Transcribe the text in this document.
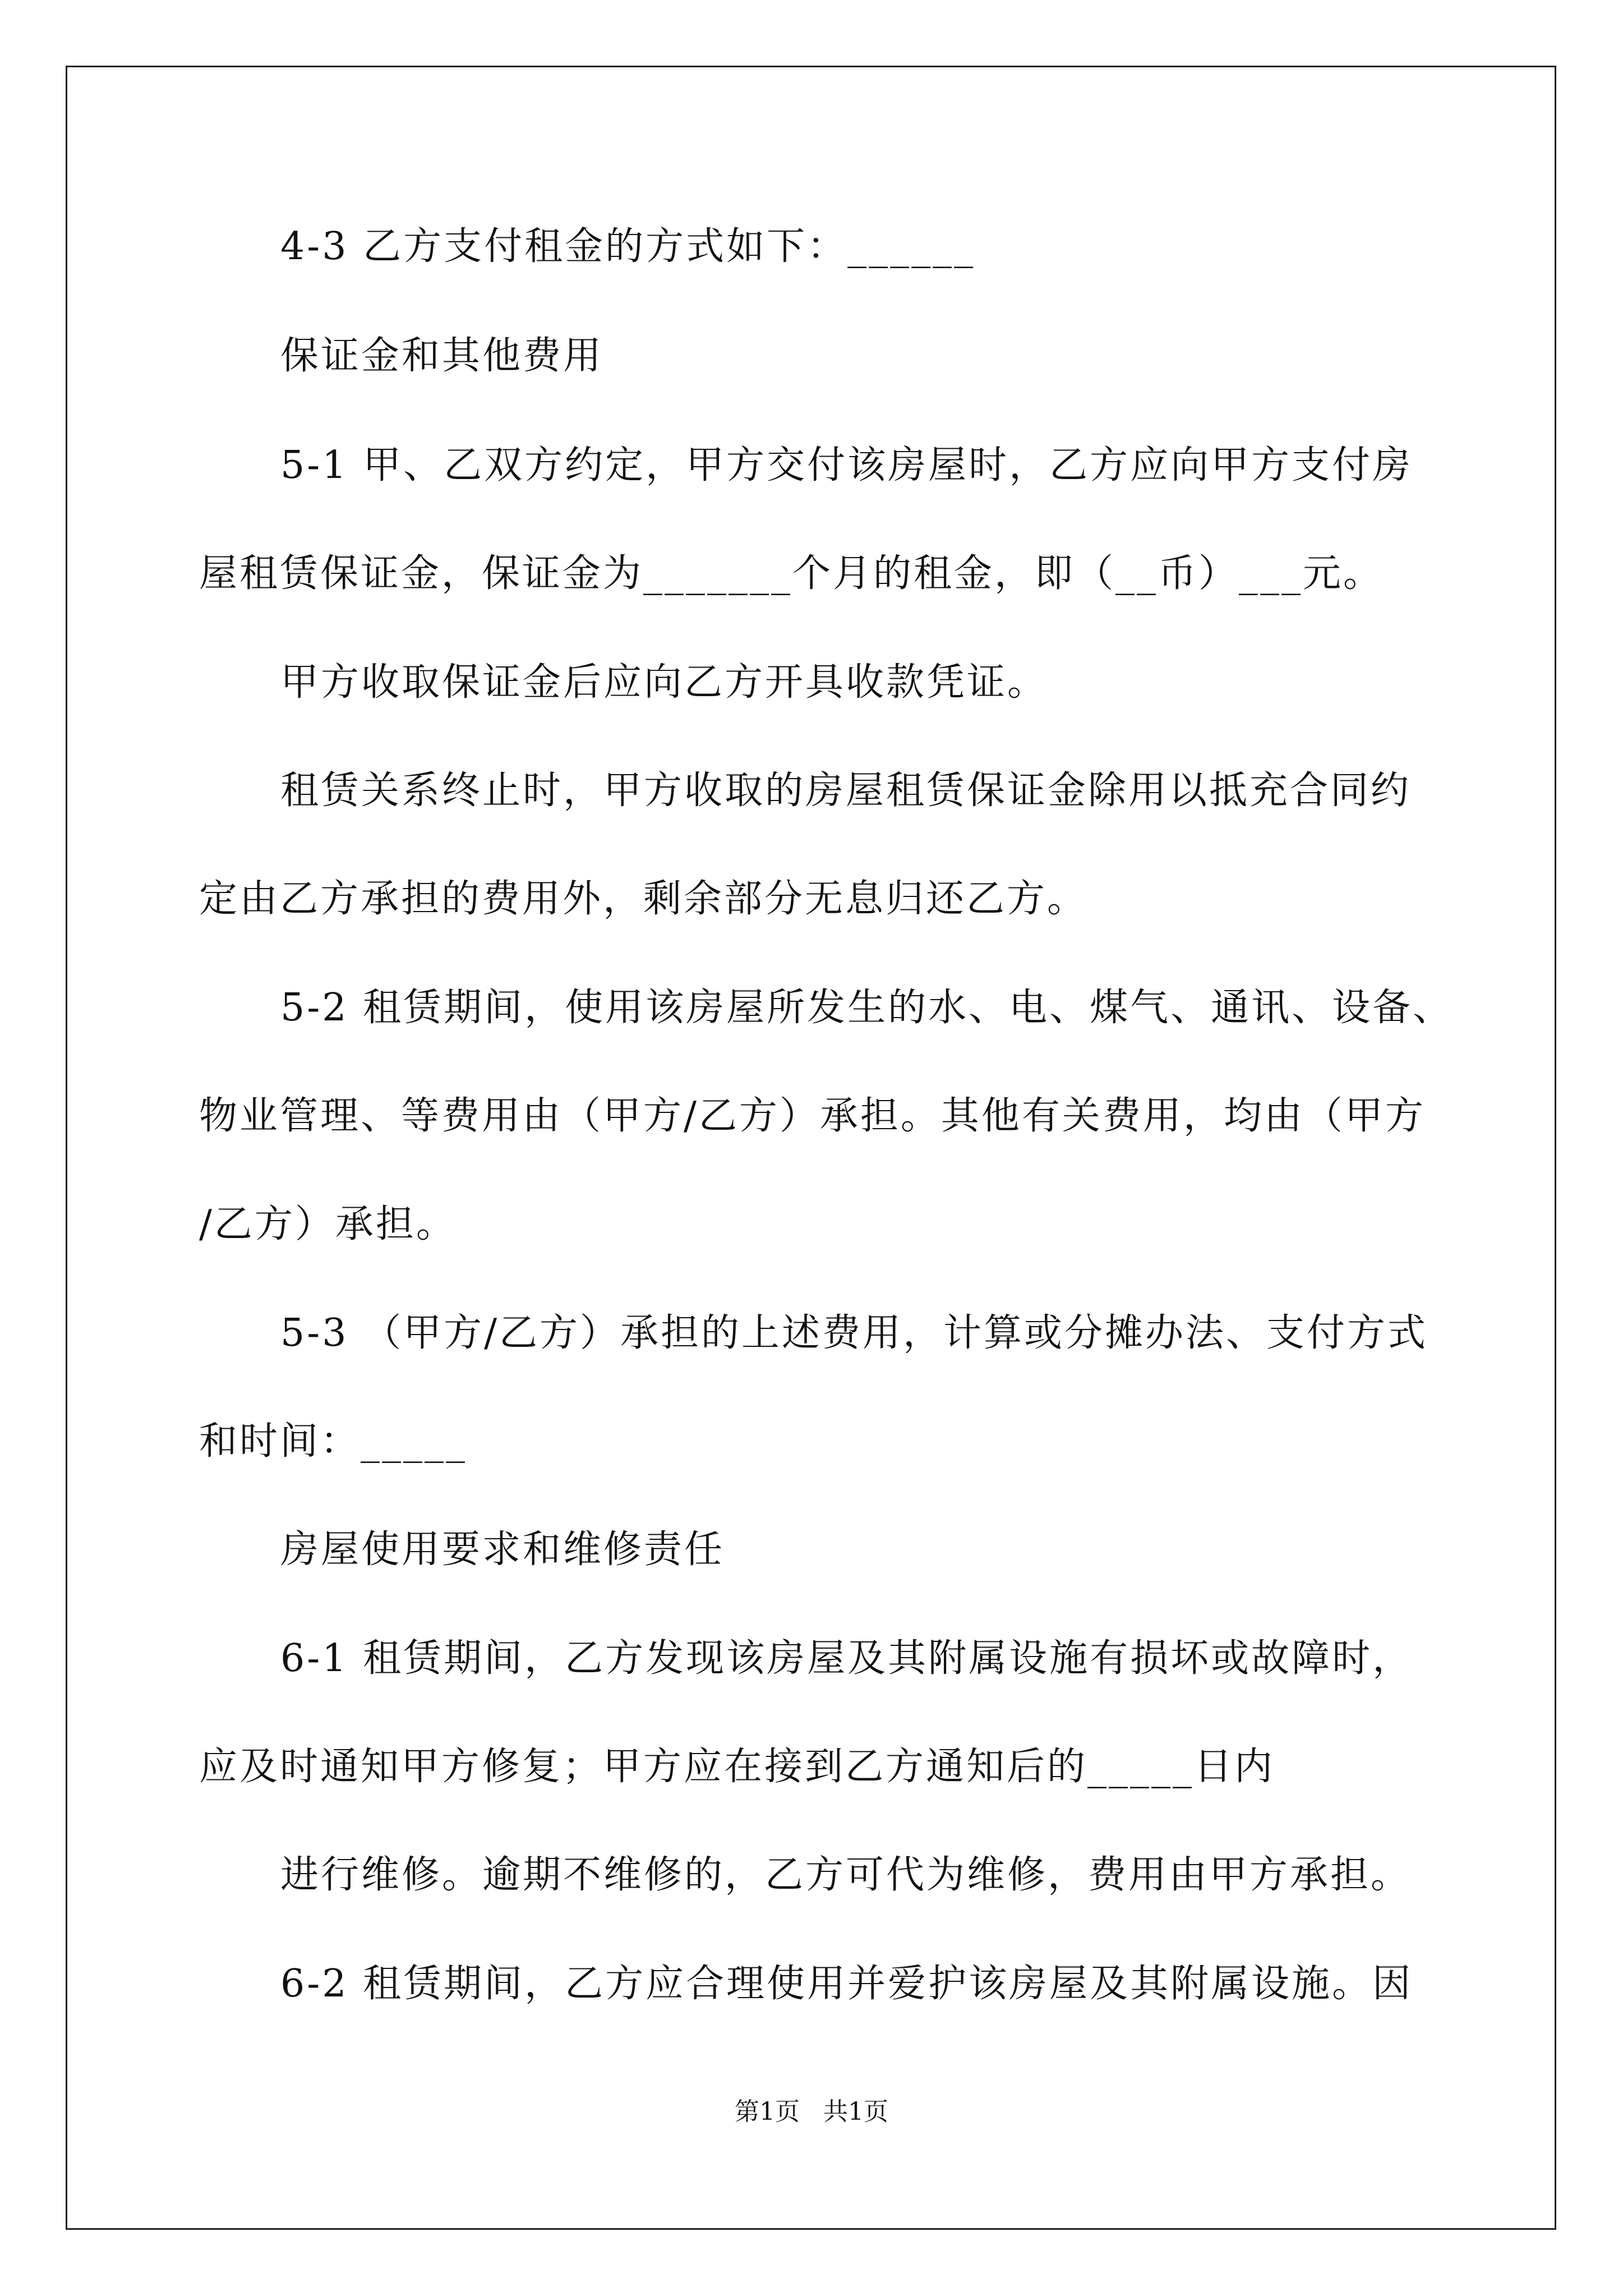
4-3 乙方支付租金的方式如下：______
保证金和其他费用
5-1 甲、乙双方约定，甲方交付该房屋时，乙方应向甲方支付房
屋租赁保证金，保证金为_______个月的租金，即（__币）___元。
甲方收取保证金后应向乙方开具收款凭证。
租赁关系终止时，甲方收取的房屋租赁保证金除用以抵充合同约
定由乙方承担的费用外，剩余部分无息归还乙方。
5-2 租赁期间，使用该房屋所发生的水、电、煤气、通讯、设备、
物业管理、等费用由（甲方/乙方）承担。其他有关费用，均由（甲方
/乙方）承担。
5-3 （甲方/乙方）承担的上述费用，计算或分摊办法、支付方式
和时间：_____
房屋使用要求和维修责任
6-1 租赁期间，乙方发现该房屋及其附属设施有损坏或故障时，
应及时通知甲方修复；甲方应在接到乙方通知后的_____日内
进行维修。逾期不维修的，乙方可代为维修，费用由甲方承担。
6-2 租赁期间，乙方应合理使用并爱护该房屋及其附属设施。因
第1页   共1页
